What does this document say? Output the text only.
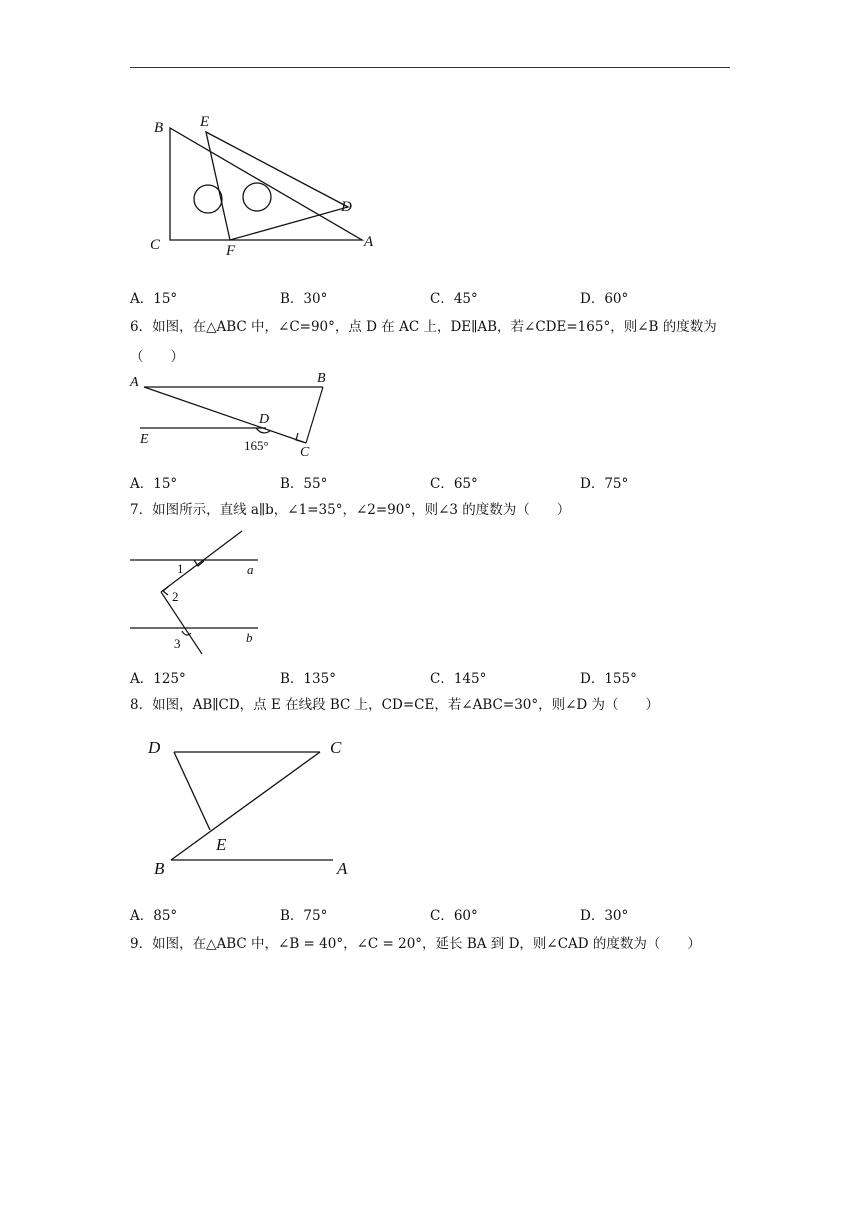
B E
D
C	F
A
A．15°	B．30°	C．45°	D．60°
6．如图，在△ABC 中，∠C=90°，点 D 在 AC 上，DE∥AB，若∠CDE=165°，则∠B 的度数为（　　）
A	B
D
E	165° C
A．15°	B．55°	C．65°	D．75°
7．如图所示，直线 a∥b，∠1=35°，∠2=90°，则∠3 的度数为（　　）
1	a
2
3	b
A．125°	B．135°	C．145°	D．155°
8．如图，AB∥CD，点 E 在线段 BC 上，CD=CE，若∠ABC=30°，则∠D 为（　　）
D	C
E
B	A
A．85°	B．75°	C．60°	D．30°
9．如图，在△ABC 中，∠B = 40°，∠C = 20°，延长 BA 到 D，则∠CAD 的度数为（　　）
